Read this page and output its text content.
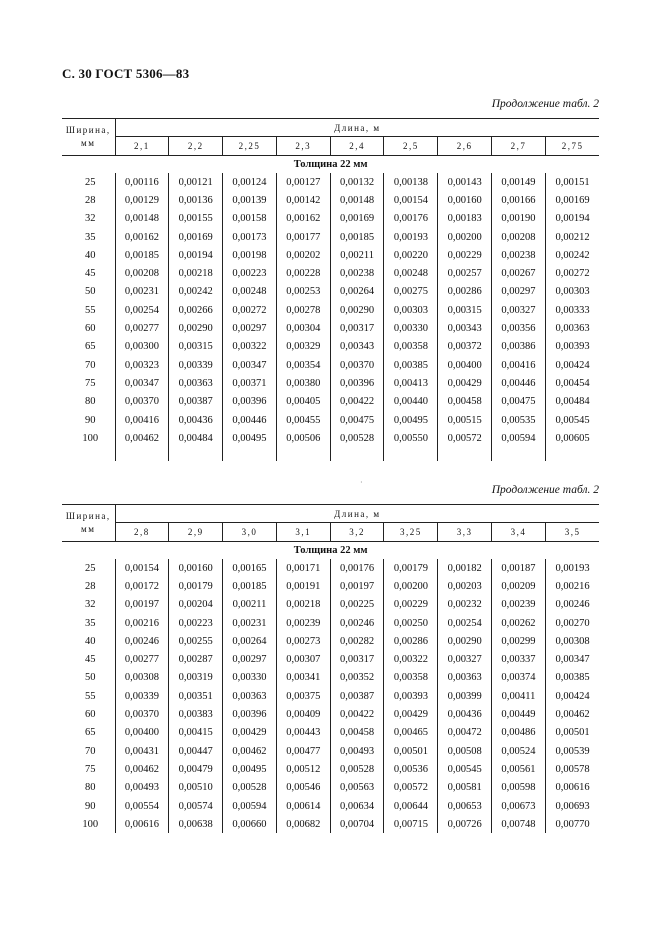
С. 30 ГОСТ 5306—83
Продолжение табл. 2
Ширина, мм	Длина, м								
	2,1	2,2	2,25	2,3	2,4	2,5	2,6	2,7	2,75
Толщина 22 мм									
25	0,00116	0,00121	0,00124	0,00127	0,00132	0,00138	0,00143	0,00149	0,00151
28	0,00129	0,00136	0,00139	0,00142	0,00148	0,00154	0,00160	0,00166	0,00169
32	0,00148	0,00155	0,00158	0,00162	0,00169	0,00176	0,00183	0,00190	0,00194
35	0,00162	0,00169	0,00173	0,00177	0,00185	0,00193	0,00200	0,00208	0,00212
40	0,00185	0,00194	0,00198	0,00202	0,00211	0,00220	0,00229	0,00238	0,00242
45	0,00208	0,00218	0,00223	0,00228	0,00238	0,00248	0,00257	0,00267	0,00272
50	0,00231	0,00242	0,00248	0,00253	0,00264	0,00275	0,00286	0,00297	0,00303
55	0,00254	0,00266	0,00272	0,00278	0,00290	0,00303	0,00315	0,00327	0,00333
60	0,00277	0,00290	0,00297	0,00304	0,00317	0,00330	0,00343	0,00356	0,00363
65	0,00300	0,00315	0,00322	0,00329	0,00343	0,00358	0,00372	0,00386	0,00393
70	0,00323	0,00339	0,00347	0,00354	0,00370	0,00385	0,00400	0,00416	0,00424
75	0,00347	0,00363	0,00371	0,00380	0,00396	0,00413	0,00429	0,00446	0,00454
80	0,00370	0,00387	0,00396	0,00405	0,00422	0,00440	0,00458	0,00475	0,00484
90	0,00416	0,00436	0,00446	0,00455	0,00475	0,00495	0,00515	0,00535	0,00545
100	0,00462	0,00484	0,00495	0,00506	0,00528	0,00550	0,00572	0,00594	0,00605

·
Продолжение табл. 2
Ширина, мм	Длина, м								
	2,8	2,9	3,0	3,1	3,2	3,25	3,3	3,4	3,5
Толщина 22 мм									
25	0,00154	0,00160	0,00165	0,00171	0,00176	0,00179	0,00182	0,00187	0,00193
28	0,00172	0,00179	0,00185	0,00191	0,00197	0,00200	0,00203	0,00209	0,00216
32	0,00197	0,00204	0,00211	0,00218	0,00225	0,00229	0,00232	0,00239	0,00246
35	0,00216	0,00223	0,00231	0,00239	0,00246	0,00250	0,00254	0,00262	0,00270
40	0,00246	0,00255	0,00264	0,00273	0,00282	0,00286	0,00290	0,00299	0,00308
45	0,00277	0,00287	0,00297	0,00307	0,00317	0,00322	0,00327	0,00337	0,00347
50	0,00308	0,00319	0,00330	0,00341	0,00352	0,00358	0,00363	0,00374	0,00385
55	0,00339	0,00351	0,00363	0,00375	0,00387	0,00393	0,00399	0,00411	0,00424
60	0,00370	0,00383	0,00396	0,00409	0,00422	0,00429	0,00436	0,00449	0,00462
65	0,00400	0,00415	0,00429	0,00443	0,00458	0,00465	0,00472	0,00486	0,00501
70	0,00431	0,00447	0,00462	0,00477	0,00493	0,00501	0,00508	0,00524	0,00539
75	0,00462	0,00479	0,00495	0,00512	0,00528	0,00536	0,00545	0,00561	0,00578
80	0,00493	0,00510	0,00528	0,00546	0,00563	0,00572	0,00581	0,00598	0,00616
90	0,00554	0,00574	0,00594	0,00614	0,00634	0,00644	0,00653	0,00673	0,00693
100	0,00616	0,00638	0,00660	0,00682	0,00704	0,00715	0,00726	0,00748	0,00770
